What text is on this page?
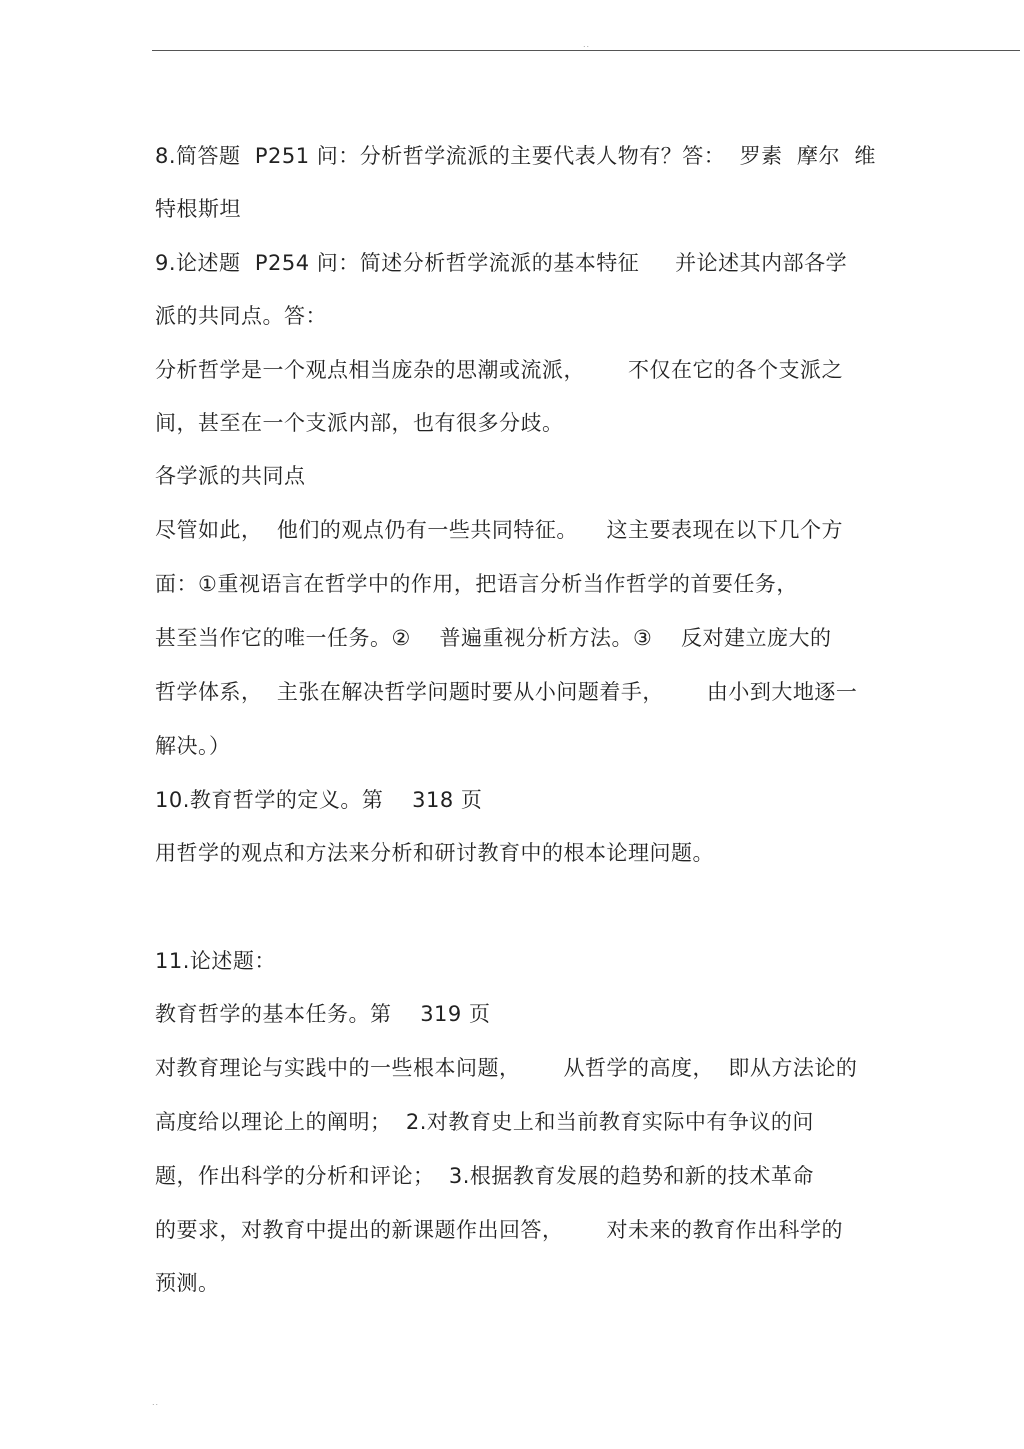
..
8.简答题  P251 问：分析哲学流派的主要代表人物有？答：  罗素  摩尔  维
特根斯坦
9.论述题  P254 问：简述分析哲学流派的基本特征     并论述其内部各学
派的共同点。答：
分析哲学是一个观点相当庞杂的思潮或流派，      不仅在它的各个支派之
间，甚至在一个支派内部，也有很多分歧。
各学派的共同点
尽管如此，  他们的观点仍有一些共同特征。    这主要表现在以下几个方
面：①重视语言在哲学中的作用，把语言分析当作哲学的首要任务，
甚至当作它的唯一任务。②    普遍重视分析方法。③    反对建立庞大的
哲学体系，  主张在解决哲学问题时要从小问题着手，      由小到大地逐一
解决。）
10.教育哲学的定义。第    318 页
用哲学的观点和方法来分析和研讨教育中的根本论理问题。
11.论述题：
教育哲学的基本任务。第    319 页
对教育理论与实践中的一些根本问题，      从哲学的高度，  即从方法论的
高度给以理论上的阐明；  2.对教育史上和当前教育实际中有争议的问
题，作出科学的分析和评论；  3.根据教育发展的趋势和新的技术革命
的要求，对教育中提出的新课题作出回答，      对未来的教育作出科学的
预测。
..
